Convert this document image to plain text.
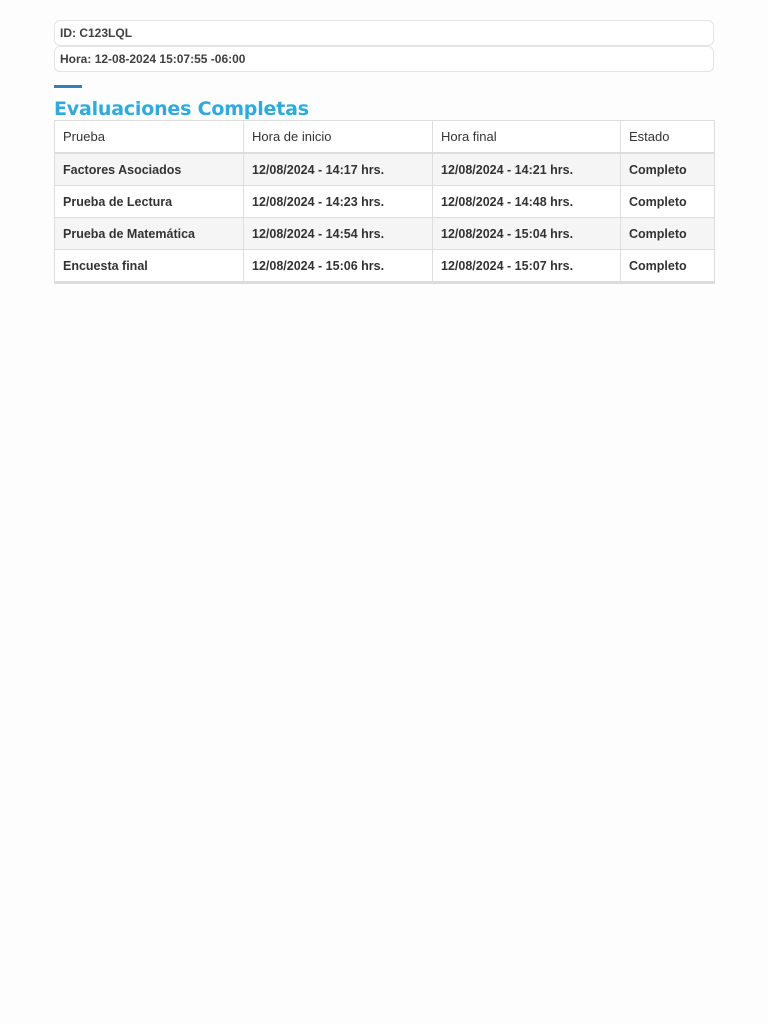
ID: C123LQL
Hora: 12-08-2024 15:07:55 -06:00
Evaluaciones Completas
Prueba	Hora de inicio	Hora final	Estado
Factores Asociados	12/08/2024 - 14:17 hrs.	12/08/2024 - 14:21 hrs.	Completo
Prueba de Lectura	12/08/2024 - 14:23 hrs.	12/08/2024 - 14:48 hrs.	Completo
Prueba de Matemática	12/08/2024 - 14:54 hrs.	12/08/2024 - 15:04 hrs.	Completo
Encuesta final	12/08/2024 - 15:06 hrs.	12/08/2024 - 15:07 hrs.	Completo
